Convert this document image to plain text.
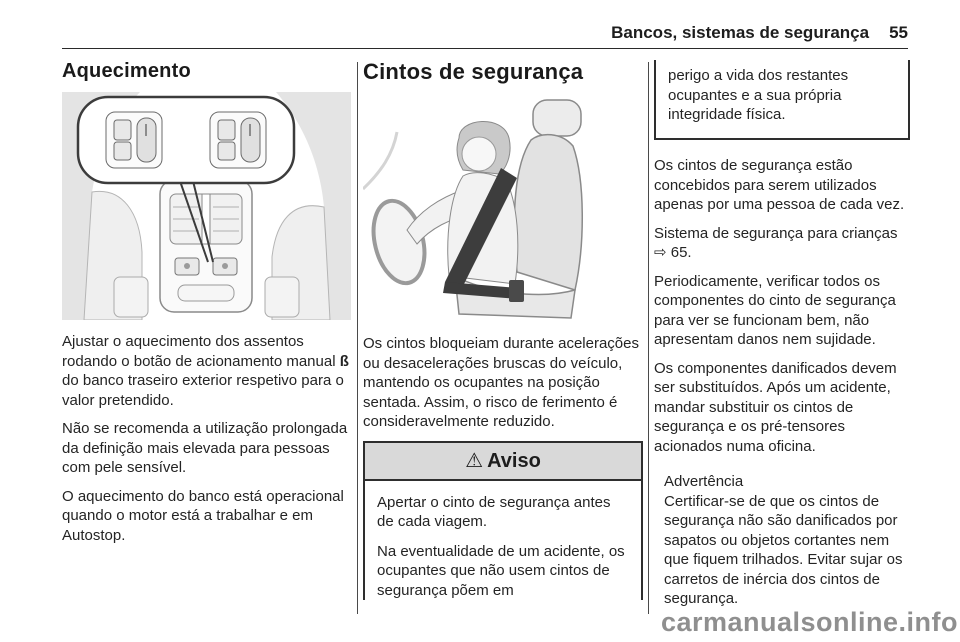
Bancos, sistemas de segurança 55
Aquecimento

Ajustar o aquecimento dos assentos rodando o botão de acionamento manual ß do banco traseiro exterior respetivo para o valor pretendido.

Não se recomenda a utilização prolongada da definição mais elevada para pessoas com pele sensível.

O aquecimento do banco está operacional quando o motor está a trabalhar e em Autostop.

Cintos de segurança

Os cintos bloqueiam durante acelerações ou desacelerações bruscas do veículo, mantendo os ocupantes na posição sentada. Assim, o risco de ferimento é consideravelmente reduzido.

⚠ Aviso

Apertar o cinto de segurança antes de cada viagem.

Na eventualidade de um acidente, os ocupantes que não usem cintos de segurança põem em

perigo a vida dos restantes ocupantes e a sua própria integridade física.

Os cintos de segurança estão concebidos para serem utilizados apenas por uma pessoa de cada vez.

Sistema de segurança para crianças ⇨ 65.

Periodicamente, verificar todos os componentes do cinto de segurança para ver se funcionam bem, não apresentam danos nem sujidade.

Os componentes danificados devem ser substituídos. Após um acidente, mandar substituir os cintos de segurança e os pré-tensores acionados numa oficina.

Advertência

Certificar-se de que os cintos de segurança não são danificados por sapatos ou objetos cortantes nem que fiquem trilhados. Evitar sujar os carretos de inércia dos cintos de segurança.

carmanualsonline.info
